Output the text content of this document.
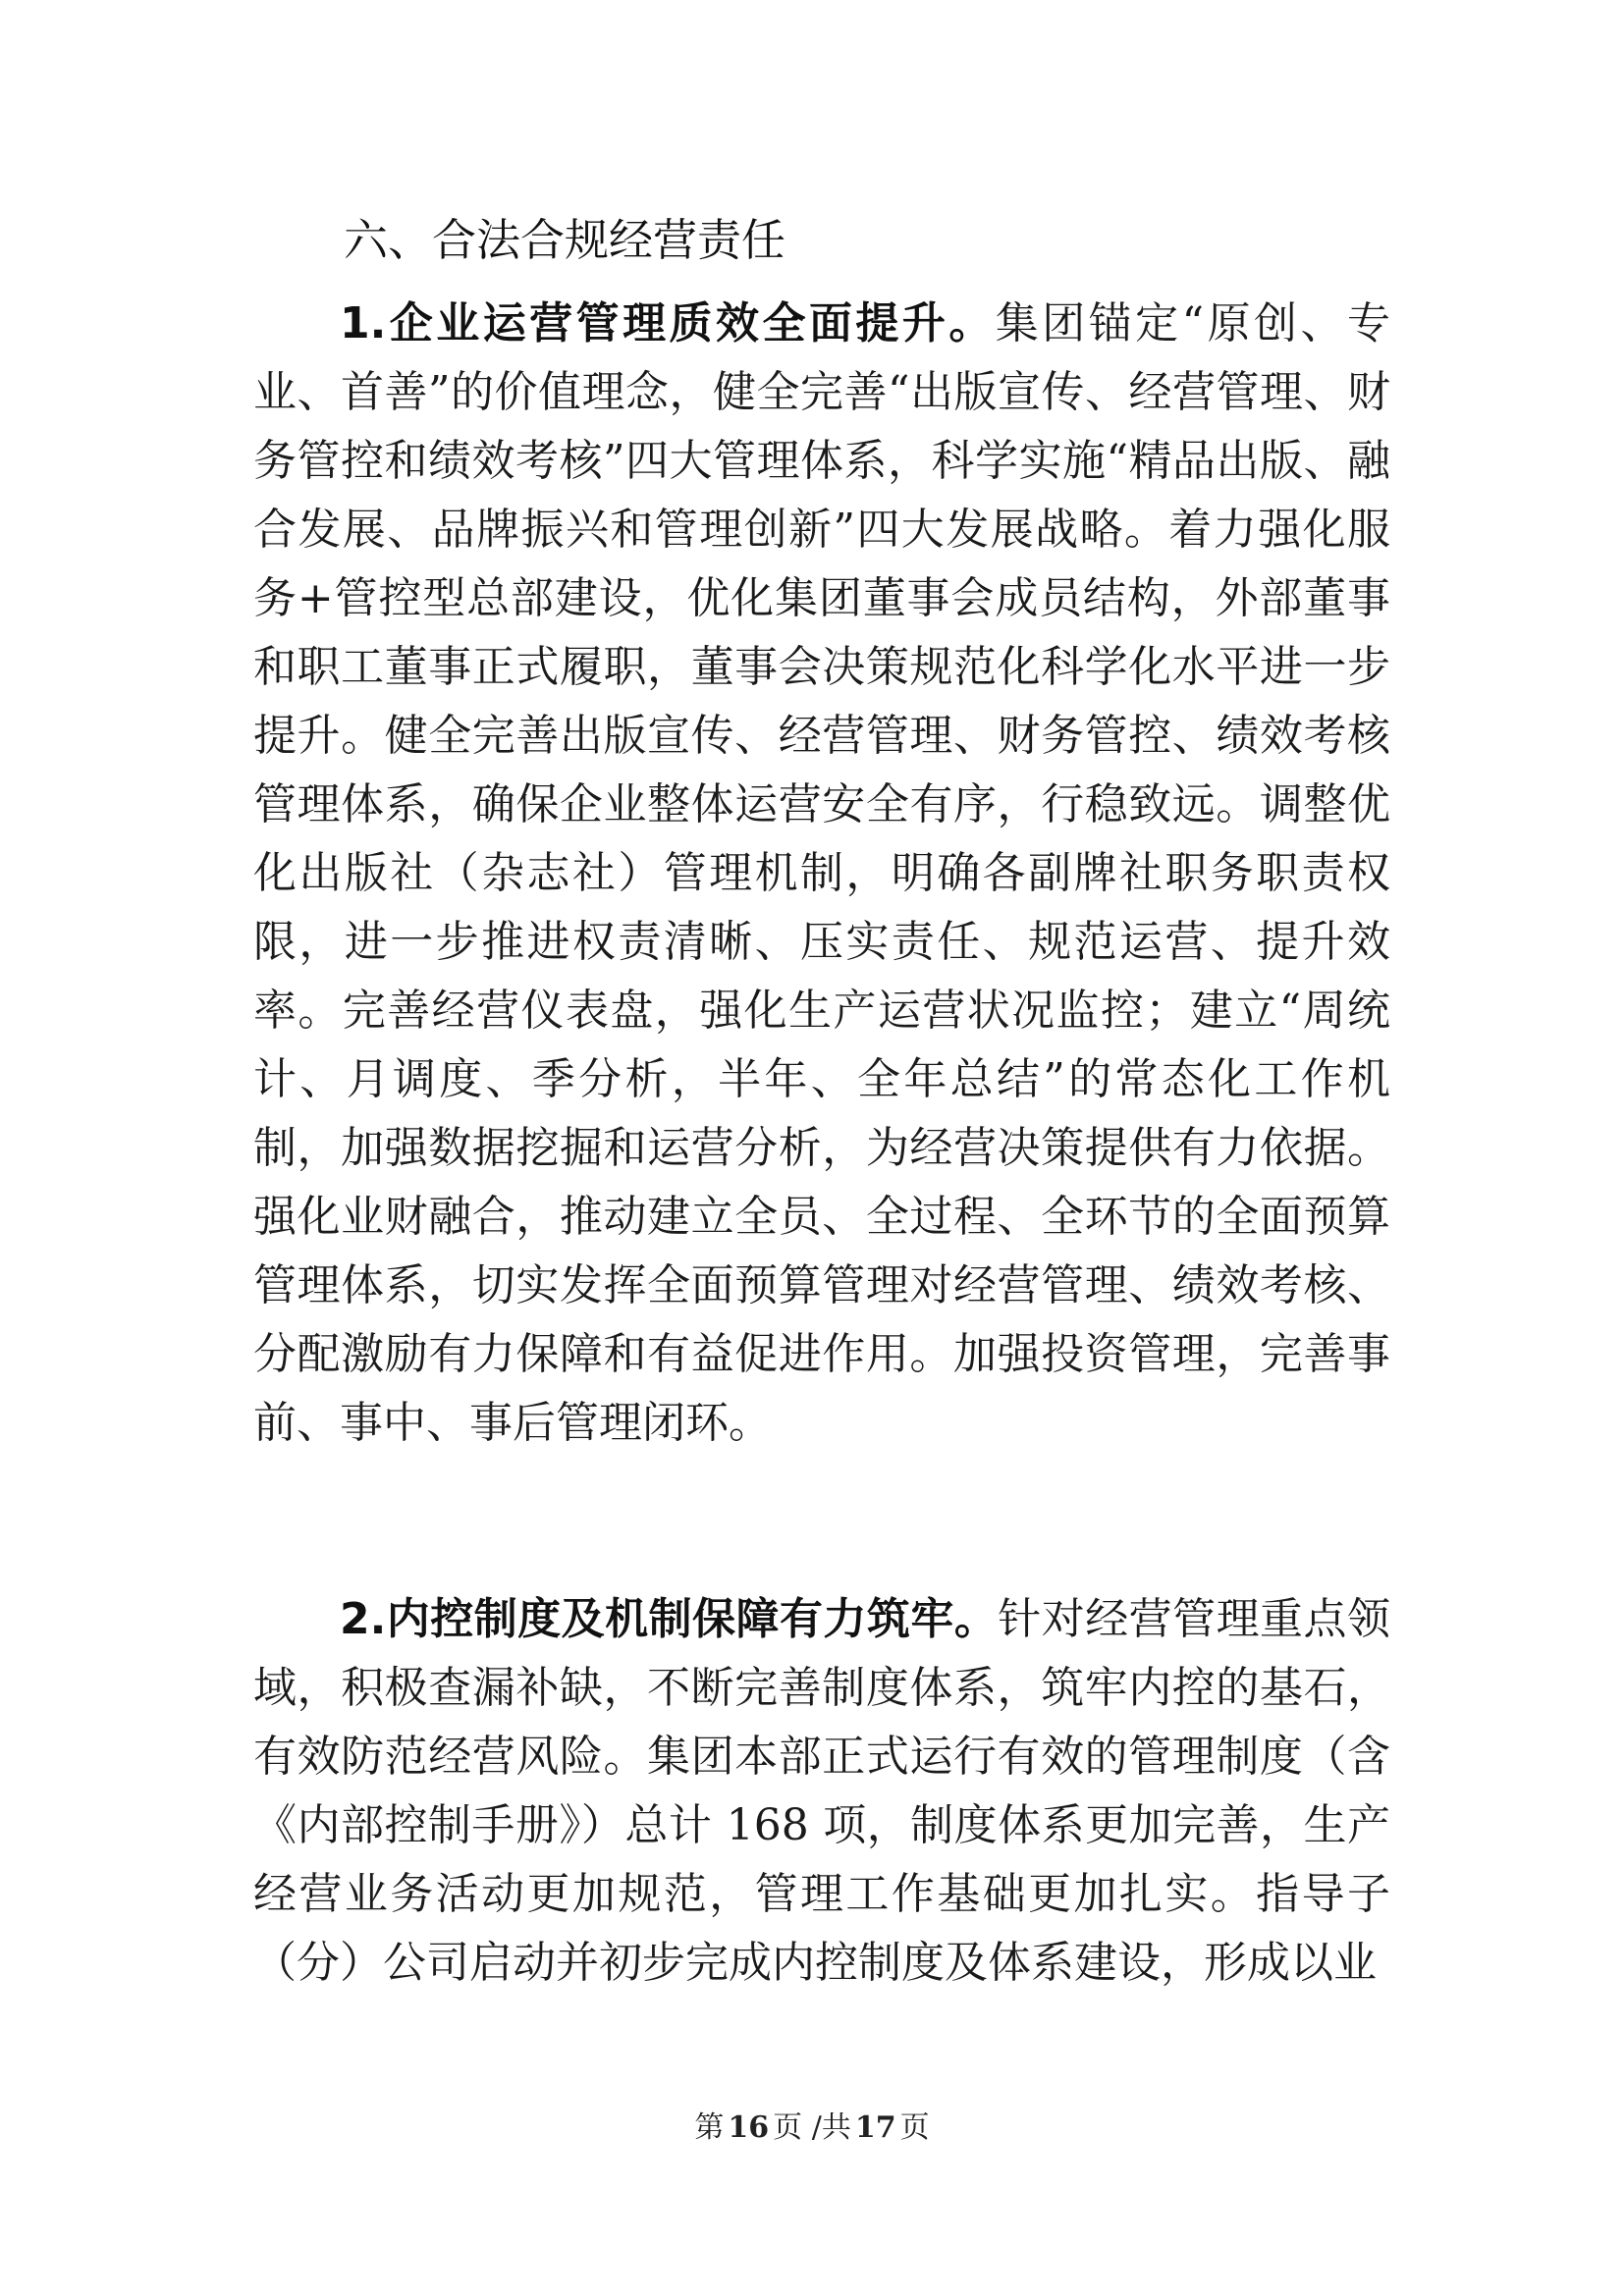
六、合法合规经营责任

1.企业运营管理质效全面提升。集团锚定“原创、专业、首善”的价值理念，健全完善“出版宣传、经营管理、财务管控和绩效考核”四大管理体系，科学实施“精品出版、融合发展、品牌振兴和管理创新”四大发展战略。着力强化服务+管控型总部建设，优化集团董事会成员结构，外部董事和职工董事正式履职，董事会决策规范化科学化水平进一步提升。健全完善出版宣传、经营管理、财务管控、绩效考核管理体系，确保企业整体运营安全有序，行稳致远。调整优化出版社（杂志社）管理机制，明确各副牌社职务职责权限，进一步推进权责清晰、压实责任、规范运营、提升效率。完善经营仪表盘，强化生产运营状况监控；建立“周统计、月调度、季分析，半年、全年总结”的常态化工作机制，加强数据挖掘和运营分析，为经营决策提供有力依据。强化业财融合，推动建立全员、全过程、全环节的全面预算管理体系，切实发挥全面预算管理对经营管理、绩效考核、分配激励有力保障和有益促进作用。加强投资管理，完善事前、事中、事后管理闭环。

2.内控制度及机制保障有力筑牢。针对经营管理重点领域，积极查漏补缺，不断完善制度体系，筑牢内控的基石，有效防范经营风险。集团本部正式运行有效的管理制度（含《内部控制手册》）总计 168 项，制度体系更加完善，生产经营业务活动更加规范，管理工作基础更加扎实。指导子（分）公司启动并初步完成内控制度及体系建设，形成以业

第 16 页 /共 17 页
